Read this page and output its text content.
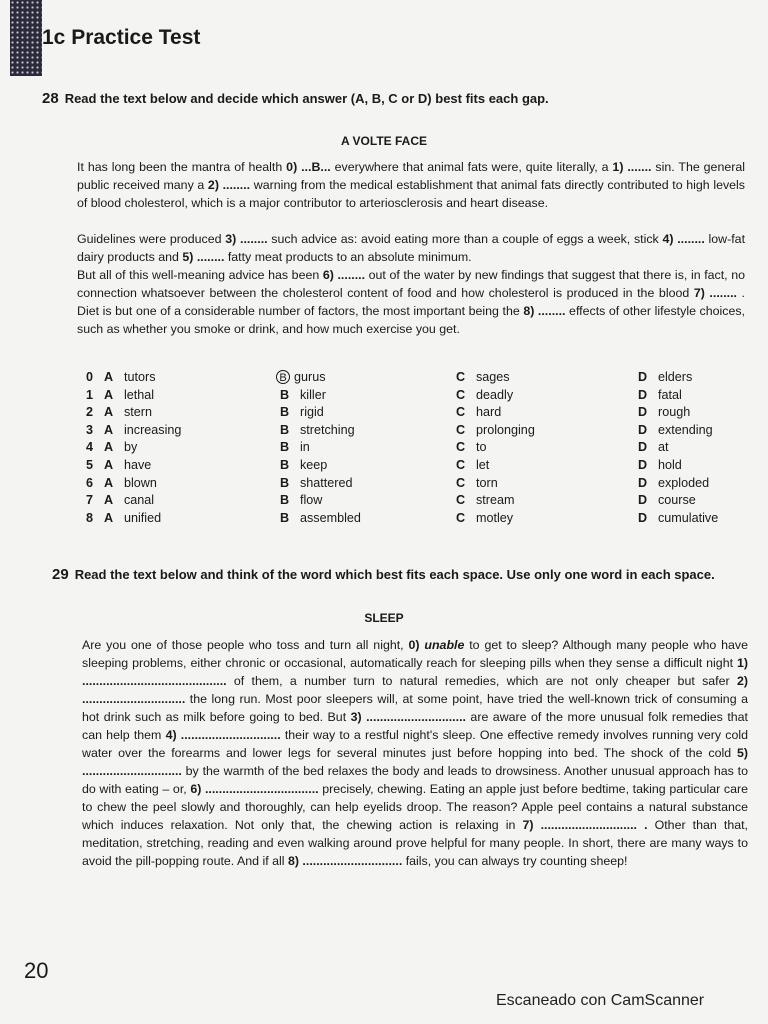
1c Practice Test
28 Read the text below and decide which answer (A, B, C or D) best fits each gap.
A VOLTE FACE
It has long been the mantra of health 0) ...B... everywhere that animal fats were, quite literally, a 1) ....... sin. The general public received many a 2) ........ warning from the medical establishment that animal fats directly contributed to high levels of blood cholesterol, which is a major contributor to arteriosclerosis and heart disease.
Guidelines were produced 3) ........ such advice as: avoid eating more than a couple of eggs a week, stick 4) ........ low-fat dairy products and 5) ........ fatty meat products to an absolute minimum.
But all of this well-meaning advice has been 6) ........ out of the water by new findings that suggest that there is, in fact, no connection whatsoever between the cholesterol content of food and how cholesterol is produced in the blood 7) ........ . Diet is but one of a considerable number of factors, the most important being the 8) ........ effects of other lifestyle choices, such as whether you smoke or drink, and how much exercise you get.
0 A tutors	B gurus	C sages	D elders
1 A lethal	B killer	C deadly	D fatal
2 A stern	B rigid	C hard	D rough
3 A increasing	B stretching	C prolonging	D extending
4 A by	B in	C to	D at
5 A have	B keep	C let	D hold
6 A blown	B shattered	C torn	D exploded
7 A canal	B flow	C stream	D course
8 A unified	B assembled	C motley	D cumulative
29 Read the text below and think of the word which best fits each space. Use only one word in each space.
SLEEP
Are you one of those people who toss and turn all night, 0) unable to get to sleep? Although many people who have sleeping problems, either chronic or occasional, automatically reach for sleeping pills when they sense a difficult night 1) .......................................... of them, a number turn to natural remedies, which are not only cheaper but safer 2) .............................. the long run. Most poor sleepers will, at some point, have tried the well-known trick of consuming a hot drink such as milk before going to bed. But 3) ............................. are aware of the more unusual folk remedies that can help them 4) ............................. their way to a restful night's sleep. One effective remedy involves running very cold water over the forearms and lower legs for several minutes just before hopping into bed. The shock of the cold 5) ............................. by the warmth of the bed relaxes the body and leads to drowsiness. Another unusual approach has to do with eating – or, 6) ................................. precisely, chewing. Eating an apple just before bedtime, taking particular care to chew the peel slowly and thoroughly, can help eyelids droop. The reason? Apple peel contains a natural substance which induces relaxation. Not only that, the chewing action is relaxing in 7) ............................ . Other than that, meditation, stretching, reading and even walking around prove helpful for many people. In short, there are many ways to avoid the pill-popping route. And if all 8) ............................. fails, you can always try counting sheep!
20
Escaneado con CamScanner
